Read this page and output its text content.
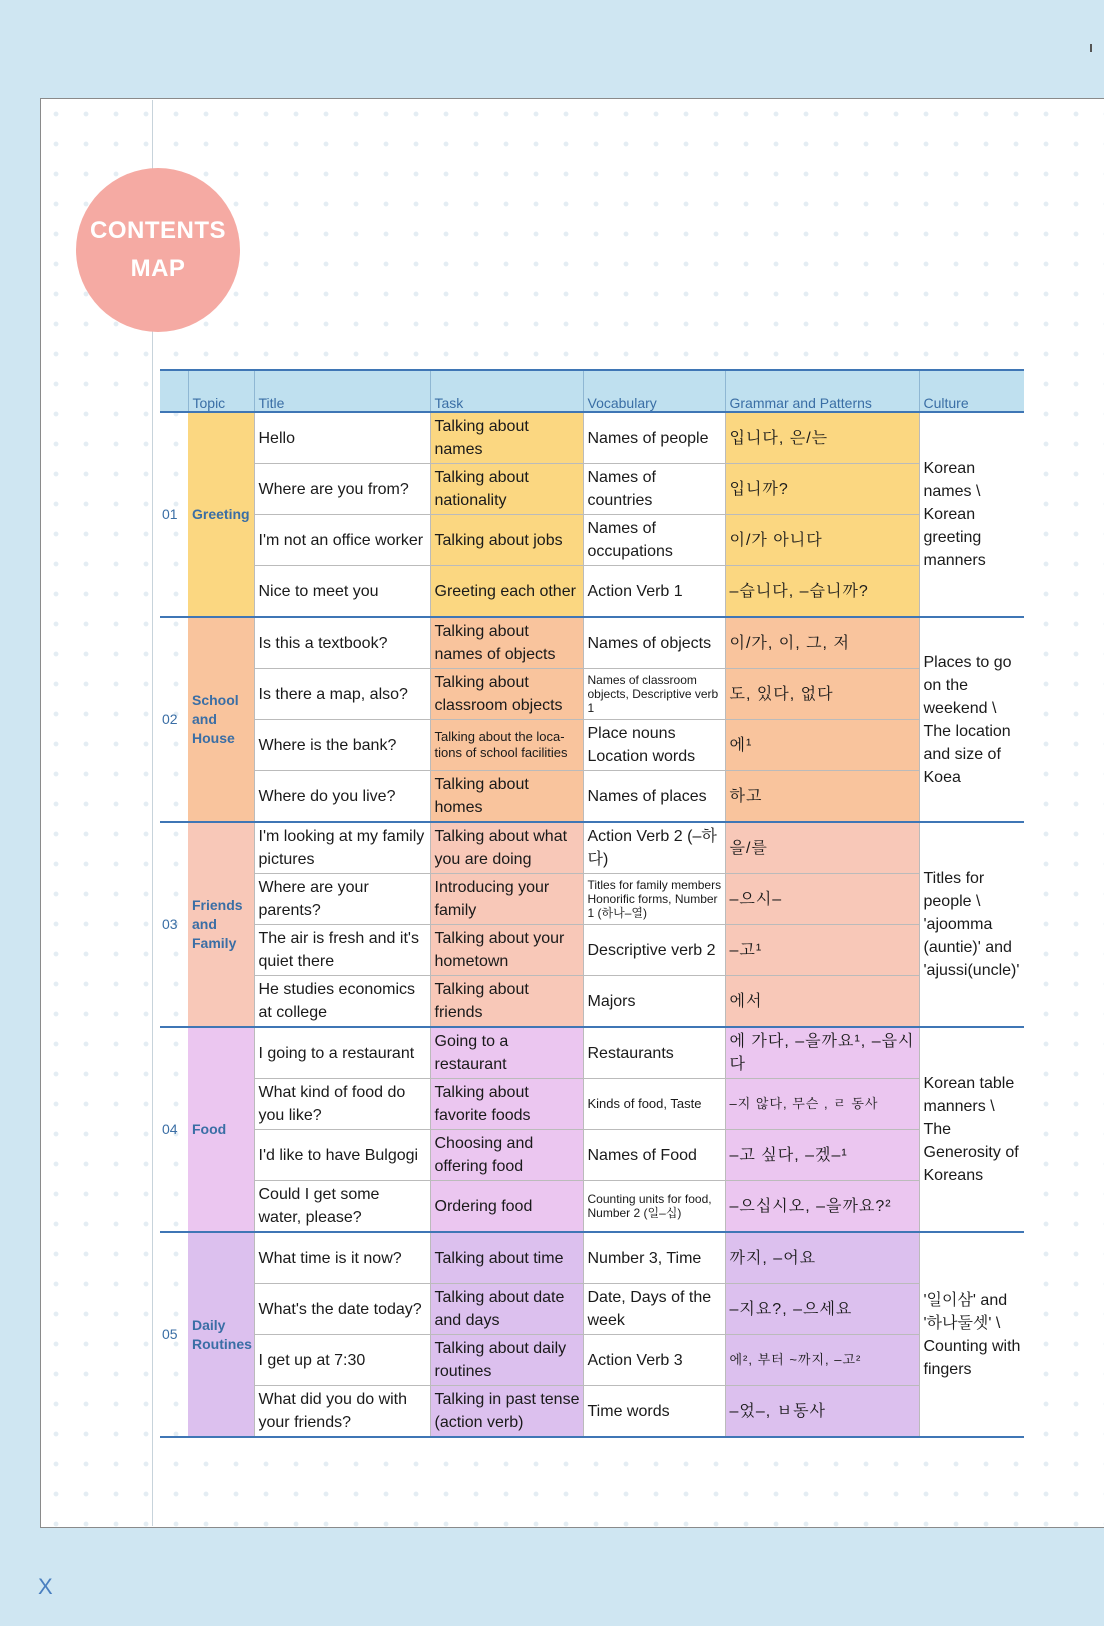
CONTENTS
MAP
	Topic	Title	Task	Vocabulary	Grammar and Patterns	Culture
01	Greeting	Hello	Talking about names	Names of people	입니다, 은/는	Korean names \ Korean greeting manners
		Where are you from?	Talking about nationality	Names of countries	입니까?	
		I'm not an office worker	Talking about jobs	Names of occupations	이/가 아니다	
		Nice to meet you	Greeting each other	Action Verb 1	–습니다, –습니까?	
02	School and House	Is this a textbook?	Talking about names of objects	Names of objects	이/가, 이, 그, 저	Places to go on the weekend \ The location and size of Koea
		Is there a map, also?	Talking about classroom objects	Names of classroom objects, Descriptive verb 1	도, 있다, 없다	
		Where is the bank?	Talking about the loca-tions of school facilities	Place nouns Location words	에¹	
		Where do you live?	Talking about homes	Names of places	하고	
03	Friends and Family	I'm looking at my family pictures	Talking about what you are doing	Action Verb 2 (–하다)	을/를	Titles for people \ 'ajoomma (auntie)' and 'ajussi(uncle)'
		Where are your parents?	Introducing your family	Titles for family members Honorific forms, Number 1 (하나–열)	–으시–	
		The air is fresh and it's quiet there	Talking about your hometown	Descriptive verb 2	–고¹	
		He studies economics at college	Talking about friends	Majors	에서	
04	Food	I going to a restaurant	Going to a restaurant	Restaurants	에 가다, –을까요¹, –읍시다	Korean table manners \ The Generosity of Koreans
		What kind of food do you like?	Talking about favorite foods	Kinds of food, Taste	–지 않다, 무슨 , ㄹ 동사	
		I'd like to have Bulgogi	Choosing and offering food	Names of Food	–고 싶다, –겠–¹	
		Could I get some water, please?	Ordering food	Counting units for food, Number 2 (일–십)	–으십시오, –을까요?²	
05	Daily Routines	What time is it now?	Talking about time	Number 3, Time	까지, –어요	'일이삼' and '하나둘셋' \ Counting with fingers
		What's the date today?	Talking about date and days	Date, Days of the week	–지요?, –으세요	
		I get up at 7:30	Talking about daily routines	Action Verb 3	에², 부터 ~까지, –고²	
		What did you do with your friends?	Talking in past tense (action verb)	Time words	–었–, ㅂ동사	
X
